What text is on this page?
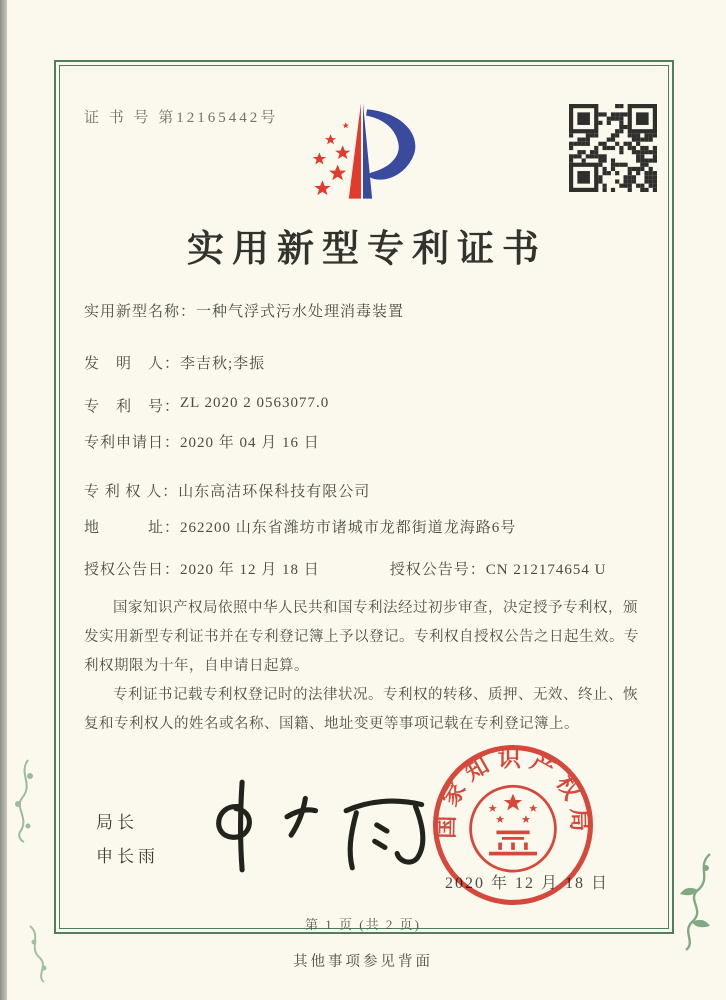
证 书 号 第12165442号
实用新型专利证书
实用新型名称： 一种气浮式污水处理消毒装置
发　明　人： 李吉秋;李振
专　利　号： ZL 2020 2 0563077.0
专利申请日： 2020 年 04 月 16 日
专 利 权 人： 山东高洁环保科技有限公司
地　　　址： 262200 山东省潍坊市诸城市龙都街道龙海路6号
授权公告日：2020 年 12 月 18 日	授权公告号：CN 212174654 U

国家知识产权局依照中华人民共和国专利法经过初步审查，决定授予专利权，颁发实用新型专利证书并在专利登记簿上予以登记。专利权自授权公告之日起生效。专利权期限为十年，自申请日起算。

专利证书记载专利权登记时的法律状况。专利权的转移、质押、无效、终止、恢复和专利权人的姓名或名称、国籍、地址变更等事项记载在专利登记簿上。

局长
申长雨
2020 年 12 月 18 日
国家知识产权局
第 1 页 (共 2 页)
其他事项参见背面
